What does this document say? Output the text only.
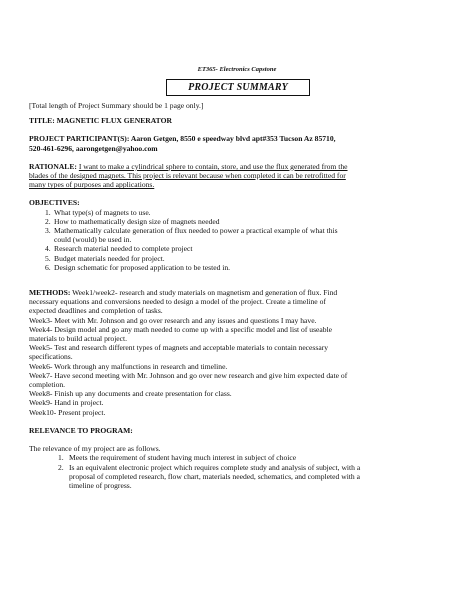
ET365- Electronics Capstone
PROJECT SUMMARY

[Total length of Project Summary should be 1 page only.]

TITLE: MAGNETIC FLUX GENERATOR

PROJECT PARTICIPANT(S): Aaron Getgen, 8550 e speedway blvd apt#353 Tucson Az 85710,

520-461-6296, aarongetgen@yahoo.com

RATIONALE: I want to make a cylindrical sphere to contain, store, and use the flux generated from the

blades of the designed magnets. This project is relevant because when completed it can be retrofitted for

many types of purposes and applications.

OBJECTIVES:

1. What type(s) of magnets to use.
2. How to mathematically design size of magnets needed
3. Mathematically calculate generation of flux needed to power a practical example of what this
could (would) be used in.
4. Research material needed to complete project
5. Budget materials needed for project.
6. Design schematic for proposed application to be tested in.

METHODS: Week1/week2- research and study materials on magnetism and generation of flux. Find

necessary equations and conversions needed to design a model of the project. Create a timeline of

expected deadlines and completion of tasks.

Week3- Meet with Mr. Johnson and go over research and any issues and questions I may have.

Week4- Design model and go any math needed to come up with a specific model and list of useable

materials to build actual project.

Week5- Test and research different types of magnets and acceptable materials to contain necessary

specifications.

Week6- Work through any malfunctions in research and timeline.

Week7- Have second meeting with Mr. Johnson and go over new research and give him expected date of

completion.

Week8- Finish up any documents and create presentation for class.

Week9- Hand in project.

Week10- Present project.

RELEVANCE TO PROGRAM:

The relevance of my project are as follows.

1. Meets the requirement of student having much interest in subject of choice
2. Is an equivalent electronic project which requires complete study and analysis of subject, with a
proposal of completed research, flow chart, materials needed, schematics, and completed with a
timeline of progress.
